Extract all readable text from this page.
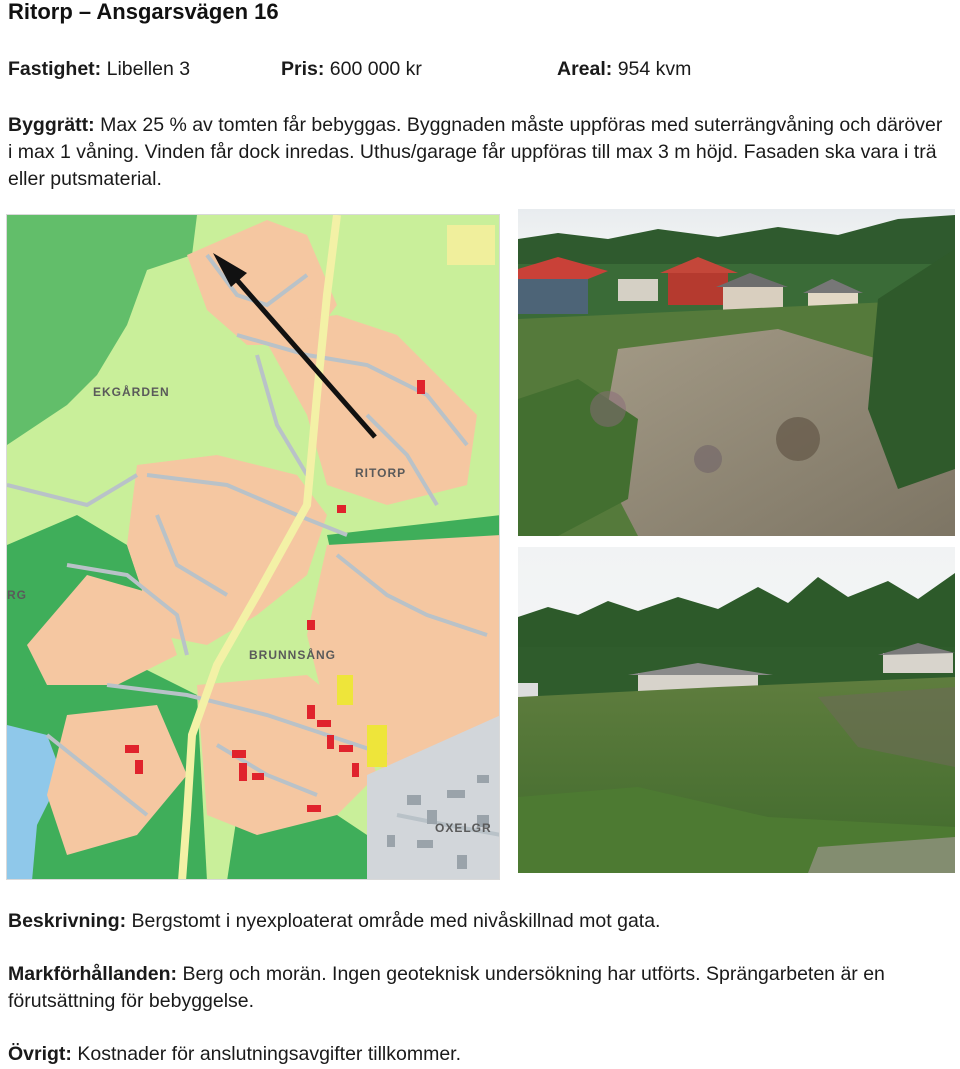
Ritorp – Ansgarsvägen 16
Fastighet: Libellen 3	Pris: 600 000 kr	Areal: 954 kvm

Byggrätt: Max 25 % av tomten får bebyggas. Byggnaden måste uppföras med suterrängvåning och däröver i max 1 våning. Vinden får dock inredas. Uthus/garage får uppföras till max 3 m höjd. Fasaden ska vara i trä eller putsmaterial.

EKGÅRDEN
RITORP
BRUNNSÅNG
OXELGR
RG

Beskrivning: Bergstomt i nyexploaterat område med nivåskillnad mot gata.

Markförhållanden: Berg och morän. Ingen geoteknisk undersökning har utförts. Sprängarbeten är en förutsättning för bebyggelse.

Övrigt: Kostnader för anslutningsavgifter tillkommer.
